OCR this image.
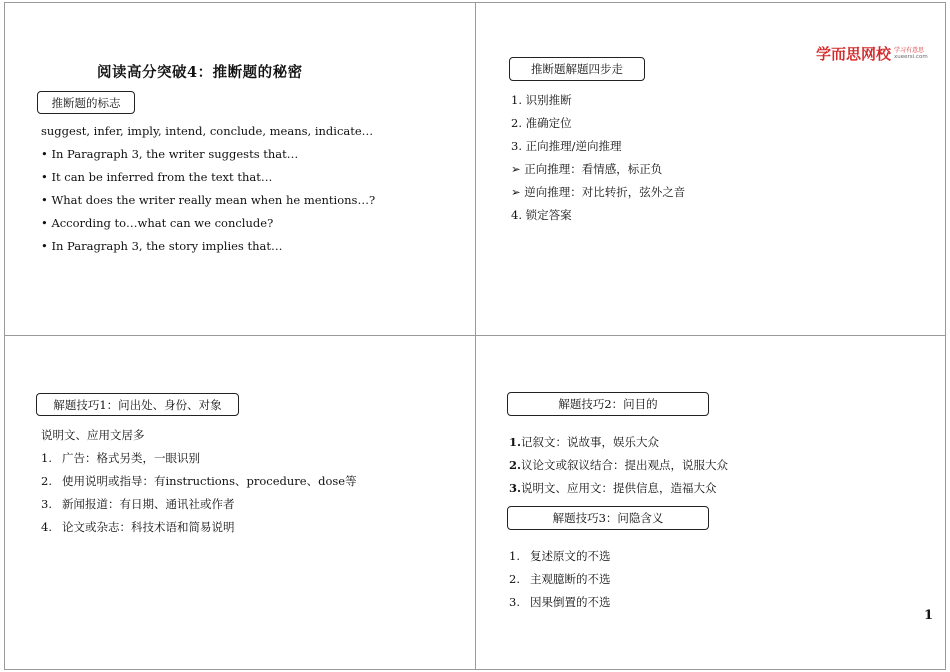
阅读高分突破4：推断题的秘密
推断题的标志
suggest, infer, imply, intend, conclude, means, indicate…
• In Paragraph 3, the writer suggests that…
• It can be inferred from the text that…
• What does the writer really mean when he mentions…?
• According to…what can we conclude?
• In Paragraph 3, the story implies that…
学而思网校 学习有意思
xueersi.com
推断题解题四步走
1. 识别推断
2. 准确定位
3. 正向推理/逆向推理
➢ 正向推理：看情感，标正负
➢ 逆向推理：对比转折，弦外之音
4. 锁定答案
解题技巧1：问出处、身份、对象
说明文、应用文居多
1. 广告：格式另类，一眼识别
2. 使用说明或指导：有instructions、procedure、dose等
3. 新闻报道：有日期、通讯社或作者
4. 论文或杂志：科技术语和简易说明
解题技巧2：问目的
1.记叙文：说故事，娱乐大众
2.议论文或叙议结合：提出观点，说服大众
3.说明文、应用文：提供信息，造福大众
解题技巧3：问隐含义
1. 复述原文的不选
2. 主观臆断的不选
3. 因果倒置的不选
1
